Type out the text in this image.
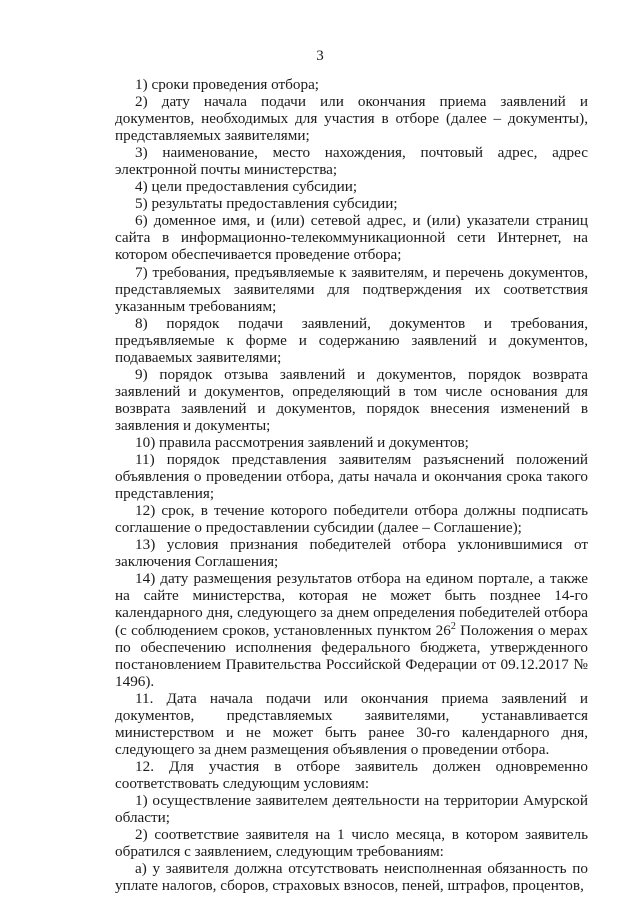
3

1) сроки проведения отбора;

2) дату начала подачи или окончания приема заявлений и документов, необходимых для участия в отборе (далее – документы), представляемых заявителями;

3) наименование, место нахождения, почтовый адрес, адрес электронной почты министерства;

4) цели предоставления субсидии;

5) результаты предоставления субсидии;

6) доменное имя, и (или) сетевой адрес, и (или) указатели страниц сайта в информационно-телекоммуникационной сети Интернет, на котором обеспечивается проведение отбора;

7) требования, предъявляемые к заявителям, и перечень документов, представляемых заявителями для подтверждения их соответствия указанным требованиям;

8) порядок подачи заявлений, документов и требования, предъявляемые к форме и содержанию заявлений и документов, подаваемых заявителями;

9) порядок отзыва заявлений и документов, порядок возврата заявлений и документов, определяющий в том числе основания для возврата заявлений и документов, порядок внесения изменений в заявления и документы;

10) правила рассмотрения заявлений и документов;

11) порядок представления заявителям разъяснений положений объявления о проведении отбора, даты начала и окончания срока такого представления;

12) срок, в течение которого победители отбора должны подписать соглашение о предоставлении субсидии (далее – Соглашение);

13) условия признания победителей отбора уклонившимися от заключения Соглашения;

14) дату размещения результатов отбора на едином портале, а также на сайте министерства, которая не может быть позднее 14-го календарного дня, следующего за днем определения победителей отбора (с соблюдением сроков, установленных пунктом $26^2$ Положения о мерах по обеспечению исполнения федерального бюджета, утвержденного постановлением Правительства Российской Федерации от 09.12.2017 № 1496).

11. Дата начала подачи или окончания приема заявлений и документов, представляемых заявителями, устанавливается министерством и не может быть ранее 30-го календарного дня, следующего за днем размещения объявления о проведении отбора.

12. Для участия в отборе заявитель должен одновременно соответствовать следующим условиям:

1) осуществление заявителем деятельности на территории Амурской области;

2) соответствие заявителя на 1 число месяца, в котором заявитель обратился с заявлением, следующим требованиям:

а) у заявителя должна отсутствовать неисполненная обязанность по уплате налогов, сборов, страховых взносов, пеней, штрафов, процентов,
